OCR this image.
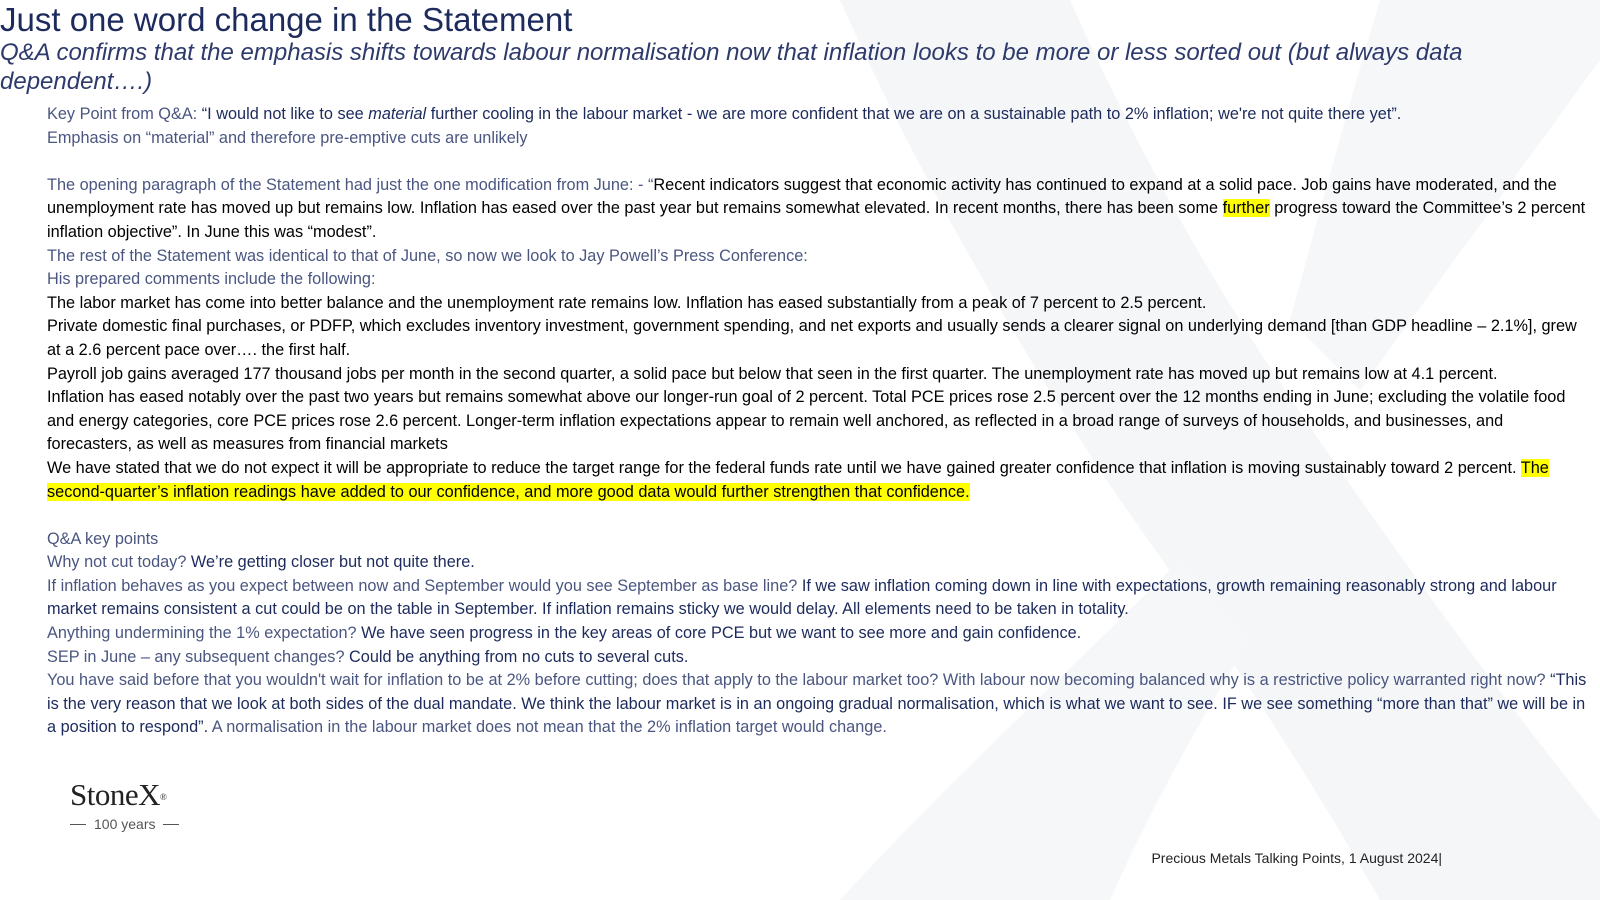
Just one word change in the Statement
Q&A confirms that the emphasis shifts towards labour normalisation now that inflation looks to be more or less sorted out (but always data dependent….)

Key Point from Q&A: “I would not like to see material further cooling in the labour market - we are more confident that we are on a sustainable path to 2% inflation; we're not quite there yet”.

Emphasis on “material” and therefore pre-emptive cuts are unlikely

The opening paragraph of the Statement had just the one modification from June: - “Recent indicators suggest that economic activity has continued to expand at a solid pace. Job gains have moderated, and the unemployment rate has moved up but remains low. Inflation has eased over the past year but remains somewhat elevated. In recent months, there has been some further progress toward the Committee’s 2 percent inflation objective”. In June this was “modest”.

The rest of the Statement was identical to that of June, so now we look to Jay Powell’s Press Conference:

His prepared comments include the following:

The labor market has come into better balance and the unemployment rate remains low. Inflation has eased substantially from a peak of 7 percent to 2.5 percent.

Private domestic final purchases, or PDFP, which excludes inventory investment, government spending, and net exports and usually sends a clearer signal on underlying demand [than GDP headline – 2.1%], grew at a 2.6 percent pace over…. the first half.

Payroll job gains averaged 177 thousand jobs per month in the second quarter, a solid pace but below that seen in the first quarter. The unemployment rate has moved up but remains low at 4.1 percent.

Inflation has eased notably over the past two years but remains somewhat above our longer-run goal of 2 percent. Total PCE prices rose 2.5 percent over the 12 months ending in June; excluding the volatile food and energy categories, core PCE prices rose 2.6 percent. Longer-term inflation expectations appear to remain well anchored, as reflected in a broad range of surveys of households, and businesses, and forecasters, as well as measures from financial markets

We have stated that we do not expect it will be appropriate to reduce the target range for the federal funds rate until we have gained greater confidence that inflation is moving sustainably toward 2 percent. The second-quarter’s inflation readings have added to our confidence, and more good data would further strengthen that confidence.

Q&A key points

Why not cut today? We’re getting closer but not quite there.

If inflation behaves as you expect between now and September would you see September as base line? If we saw inflation coming down in line with expectations, growth remaining reasonably strong and labour market remains consistent a cut could be on the table in September. If inflation remains sticky we would delay. All elements need to be taken in totality.

Anything undermining the 1% expectation? We have seen progress in the key areas of core PCE but we want to see more and gain confidence.

SEP in June – any subsequent changes? Could be anything from no cuts to several cuts.

You have said before that you wouldn't wait for inflation to be at 2% before cutting; does that apply to the labour market too? With labour now becoming balanced why is a restrictive policy warranted right now? “This is the very reason that we look at both sides of the dual mandate. We think the labour market is in an ongoing gradual normalisation, which is what we want to see. IF we see something “more than that” we will be in a position to respond”. A normalisation in the labour market does not mean that the 2% inflation target would change.

StoneX®
100 years
Precious Metals Talking Points, 1 August 2024|
